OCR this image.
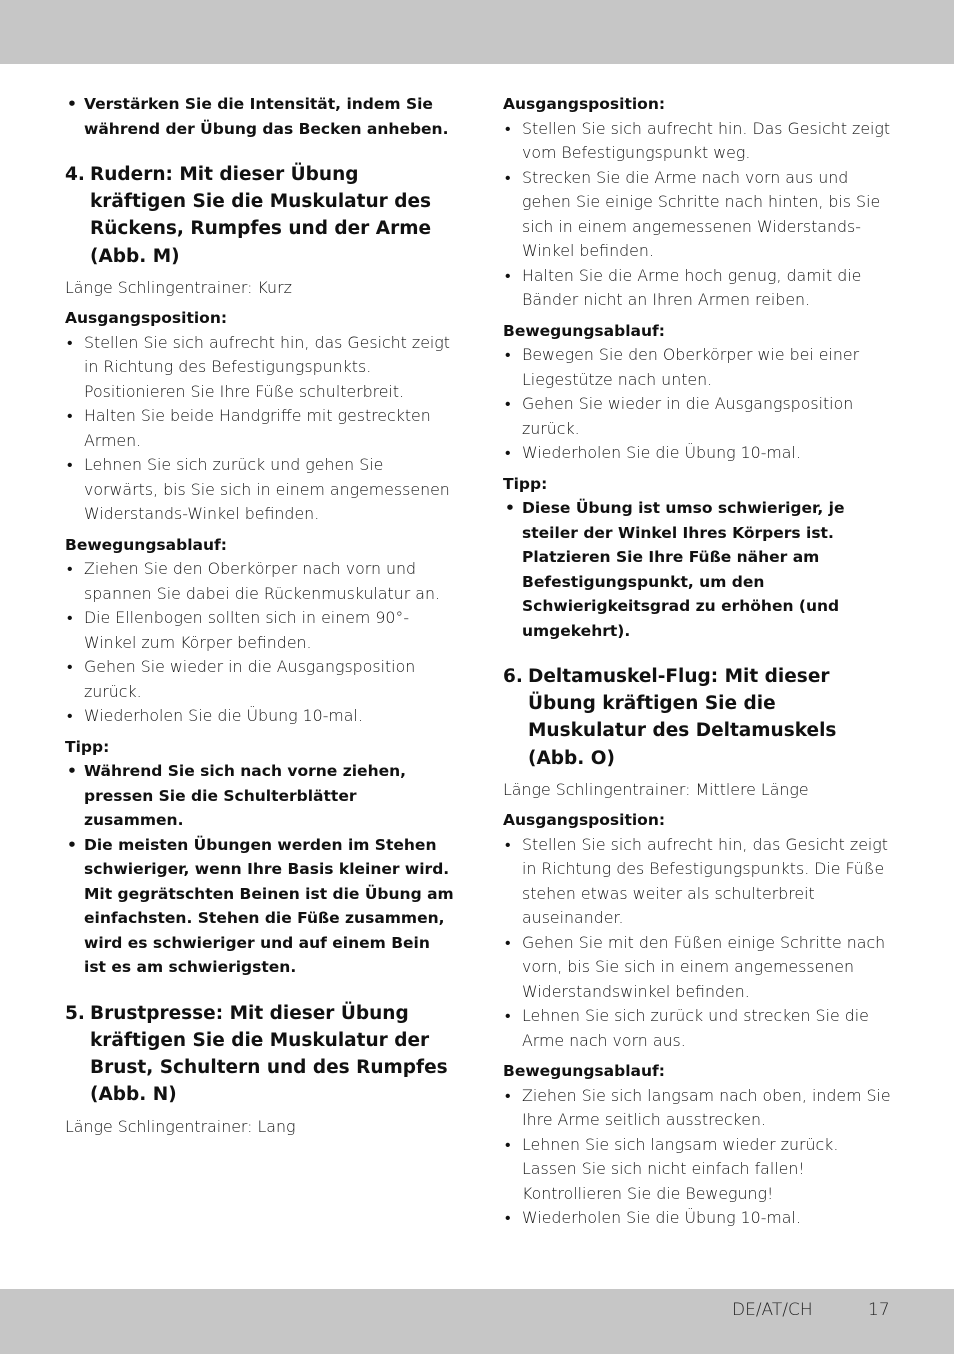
• Verstärken Sie die Intensität, indem Sie während der Übung das Becken anheben.
4. Rudern: Mit dieser Übung kräftigen Sie die Muskulatur des Rückens, Rumpfes und der Arme (Abb. M)

Länge Schlingentrainer: Kurz

Ausgangsposition:

• Stellen Sie sich aufrecht hin, das Gesicht zeigt in Richtung des Befestigungspunkts. Positionieren Sie Ihre Füße schulterbreit.
• Halten Sie beide Handgriffe mit gestreckten Armen.
• Lehnen Sie sich zurück und gehen Sie vorwärts, bis Sie sich in einem angemessenen Widerstands-Winkel befinden.

Bewegungsablauf:

• Ziehen Sie den Oberkörper nach vorn und spannen Sie dabei die Rückenmuskulatur an.
• Die Ellenbogen sollten sich in einem 90°-Winkel zum Körper befinden.
• Gehen Sie wieder in die Ausgangsposition zurück.
• Wiederholen Sie die Übung 10-mal.

Tipp:

• Während Sie sich nach vorne ziehen, pressen Sie die Schulterblätter zusammen.
• Die meisten Übungen werden im Stehen schwieriger, wenn Ihre Basis kleiner wird. Mit gegrätschten Beinen ist die Übung am einfachsten. Stehen die Füße zusammen, wird es schwieriger und auf einem Bein ist es am schwierigsten.
5. Brustpresse: Mit dieser Übung kräftigen Sie die Muskulatur der Brust, Schultern und des Rumpfes (Abb. N)

Länge Schlingentrainer: Lang

Ausgangsposition:

• Stellen Sie sich aufrecht hin. Das Gesicht zeigt vom Befestigungspunkt weg.
• Strecken Sie die Arme nach vorn aus und gehen Sie einige Schritte nach hinten, bis Sie sich in einem angemessenen Widerstands-Winkel befinden.
• Halten Sie die Arme hoch genug, damit die Bänder nicht an Ihren Armen reiben.

Bewegungsablauf:

• Bewegen Sie den Oberkörper wie bei einer Liegestütze nach unten.
• Gehen Sie wieder in die Ausgangsposition zurück.
• Wiederholen Sie die Übung 10-mal.

Tipp:

• Diese Übung ist umso schwieriger, je steiler der Winkel Ihres Körpers ist. Platzieren Sie Ihre Füße näher am Befestigungspunkt, um den Schwierigkeitsgrad zu erhöhen (und umgekehrt).
6. Deltamuskel-Flug: Mit dieser Übung kräftigen Sie die Muskulatur des Deltamuskels (Abb. O)

Länge Schlingentrainer: Mittlere Länge

Ausgangsposition:

• Stellen Sie sich aufrecht hin, das Gesicht zeigt in Richtung des Befestigungspunkts. Die Füße stehen etwas weiter als schulterbreit auseinander.
• Gehen Sie mit den Füßen einige Schritte nach vorn, bis Sie sich in einem angemessenen Widerstandswinkel befinden.
• Lehnen Sie sich zurück und strecken Sie die Arme nach vorn aus.

Bewegungsablauf:

• Ziehen Sie sich langsam nach oben, indem Sie Ihre Arme seitlich ausstrecken.
• Lehnen Sie sich langsam wieder zurück. Lassen Sie sich nicht einfach fallen! Kontrollieren Sie die Bewegung!
• Wiederholen Sie die Übung 10-mal.
DE/AT/CH	17
